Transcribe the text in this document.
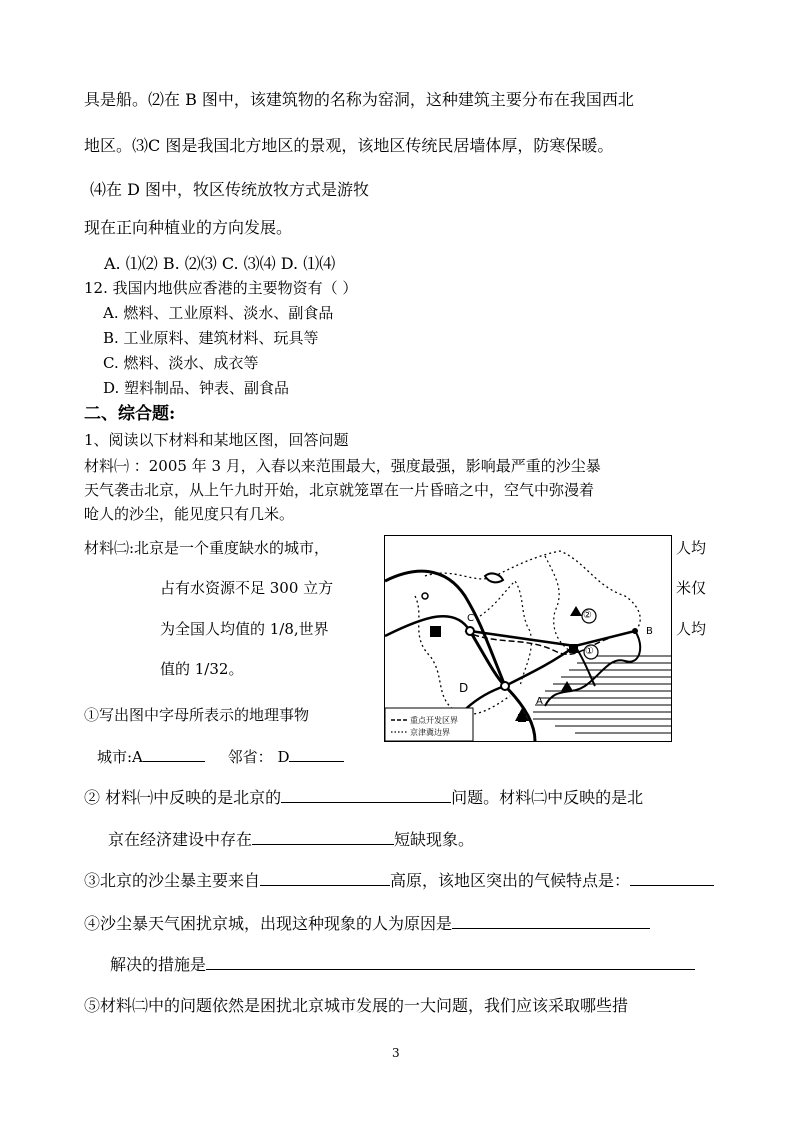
具是船。⑵在 B 图中，该建筑物的名称为窑洞，这种建筑主要分布在我国西北
地区。⑶C 图是我国北方地区的景观，该地区传统民居墙体厚，防寒保暖。
⑷在 D 图中，牧区传统放牧方式是游牧
现在正向种植业的方向发展。
A. ⑴⑵ B. ⑵⑶ C. ⑶⑷ D. ⑴⑷
12. 我国内地供应香港的主要物资有（ ）
A. 燃料、工业原料、淡水、副食品
B. 工业原料、建筑材料、玩具等
C. 燃料、淡水、成衣等
D. 塑料制品、钟表、副食品
二、综合题:
1、阅读以下材料和某地区图，回答问题
材料㈠ ：2005 年 3 月，入春以来范围最大，强度最强，影响最严重的沙尘暴
天气袭击北京，从上午九时开始，北京就笼罩在一片昏暗之中，空气中弥漫着
呛人的沙尘，能见度只有几米。
材料㈡:北京是一个重度缺水的城市，	人均
占有水资源不足 300 立方	米仅
为全国人均值的 1/8,世界	人均
值的 1/32。
B
A
C
D
①
②
重点开发区界
京津冀边界
①写出图中字母所表示的地理事物
城市:A	邻省： D
② 材料㈠中反映的是北京的	问题。材料㈡中反映的是北
京在经济建设中存在	短缺现象。
③北京的沙尘暴主要来自	高原，该地区突出的气候特点是：
④沙尘暴天气困扰京城，出现这种现象的人为原因是
解决的措施是
⑤材料㈡中的问题依然是困扰北京城市发展的一大问题，我们应该采取哪些措
3
